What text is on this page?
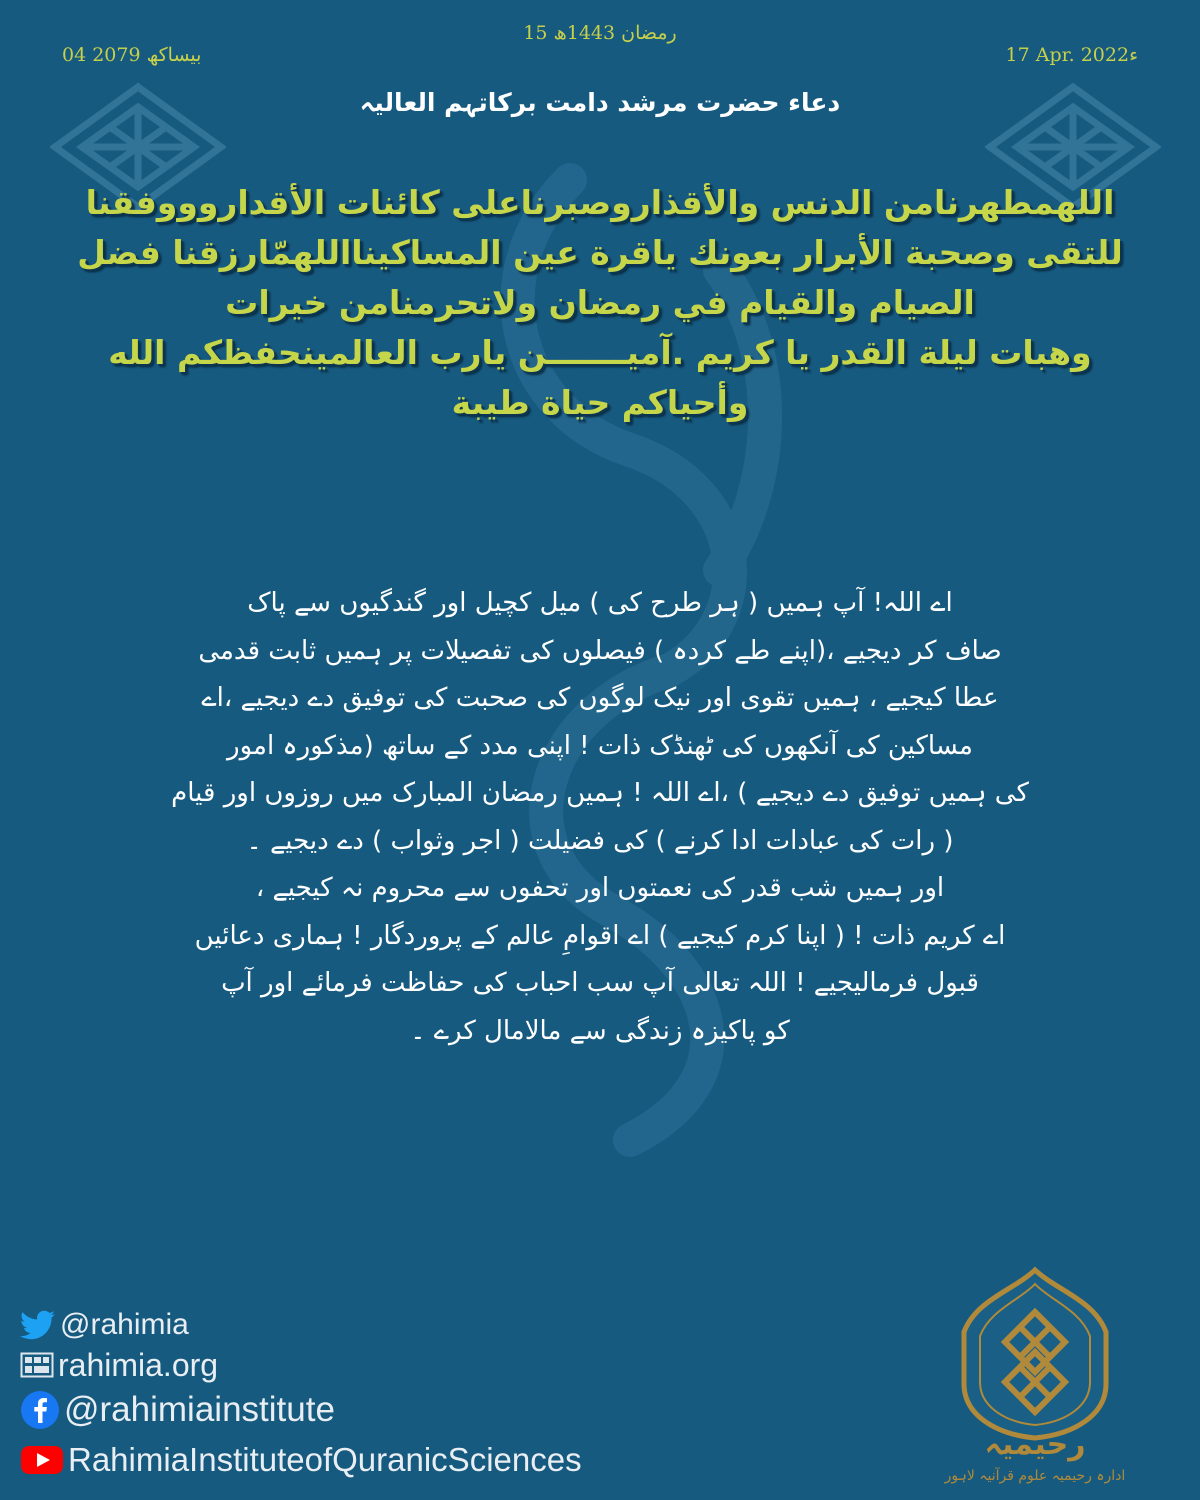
15 رمضان 1443ھ
04 بیساکھ 2079	17 Apr. 2022ء
دعاء حضرت مرشد دامت برکاتہم العالیہ
اللهمطهرنامن الدنس والأقذاروصبرناعلى كائنات الأقداروووفقنا
للتقى وصحبة الأبرار بعونك ياقرة عين المساكينااللهمّارزقنا فضل
الصيام والقيام في رمضان ولاتحرمنامن خيرات
وهبات ليلة القدر يا كريم .آميـــــــن يارب العالمينحفظكم الله
وأحياكم حياة طيبة
اے اللہ! آپ ہمیں ( ہر طرح کی ) میل کچیل اور گندگیوں سے پاک
صاف کر دیجیے ،(اپنے طے کردہ ) فیصلوں کی تفصیلات پر ہمیں ثابت قدمی
عطا کیجیے ، ہمیں تقوی اور نیک لوگوں کی صحبت کی توفیق دے دیجیے ،اے
مساکین کی آنکھوں کی ٹھنڈک ذات ! اپنی مدد کے ساتھ (مذکورہ امور
کی ہمیں توفیق دے دیجیے ) ،اے اللہ ! ہمیں رمضان المبارک میں روزوں اور قیام
( رات کی عبادات ادا کرنے ) کی فضیلت ( اجر وثواب ) دے دیجیے ۔
اور ہمیں شب قدر کی نعمتوں اور تحفوں سے محروم نہ کیجیے ،
اے کریم ذات ! ( اپنا کرم کیجیے ) اے اقوامِ عالم کے پروردگار ! ہماری دعائیں
قبول فرمالیجیے ! اللہ تعالی آپ سب احباب کی حفاظت فرمائے اور آپ
کو پاکیزہ زندگی سے مالامال کرے ۔
@rahimia
rahimia.org
@rahimiainstitute
RahimiaInstituteofQuranicSciences	رحیمیہ
ادارہ رحیمیہ علوم قرآنیہ لاہور
